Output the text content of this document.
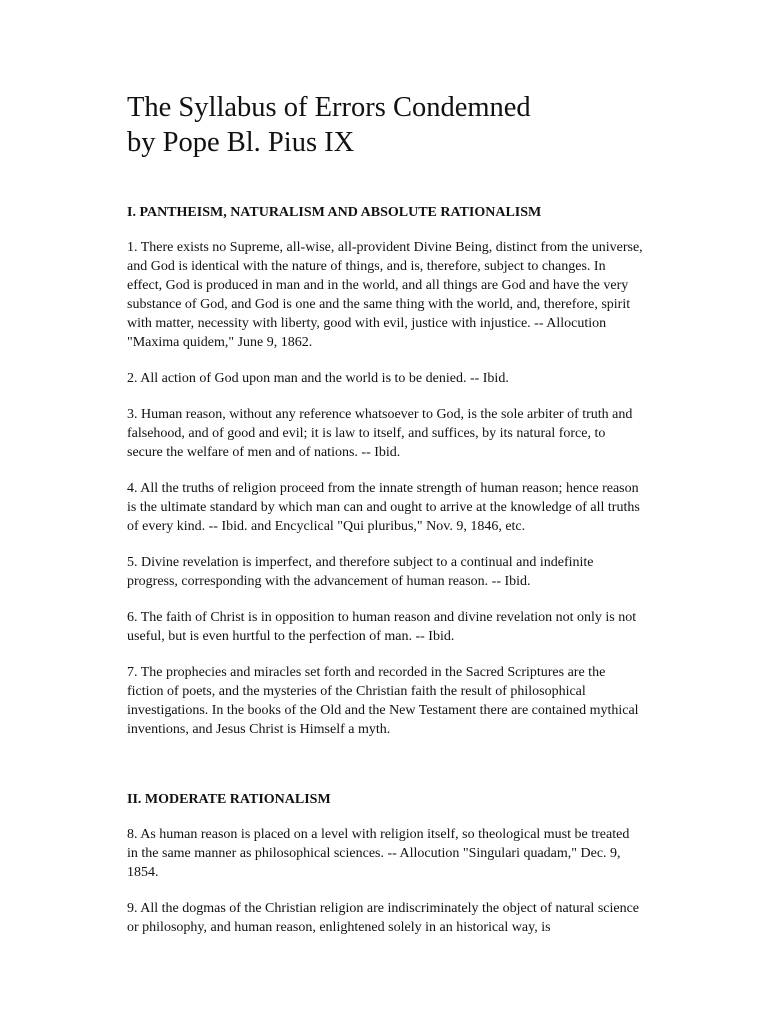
The Syllabus of Errors Condemned
by Pope Bl. Pius IX
I. PANTHEISM, NATURALISM AND ABSOLUTE RATIONALISM

1. There exists no Supreme, all-wise, all-provident Divine Being, distinct from the universe, and God is identical with the nature of things, and is, therefore, subject to changes. In effect, God is produced in man and in the world, and all things are God and have the very substance of God, and God is one and the same thing with the world, and, therefore, spirit with matter, necessity with liberty, good with evil, justice with injustice. -- Allocution "Maxima quidem," June 9, 1862.

2. All action of God upon man and the world is to be denied. -- Ibid.

3. Human reason, without any reference whatsoever to God, is the sole arbiter of truth and falsehood, and of good and evil; it is law to itself, and suffices, by its natural force, to secure the welfare of men and of nations. -- Ibid.

4. All the truths of religion proceed from the innate strength of human reason; hence reason is the ultimate standard by which man can and ought to arrive at the knowledge of all truths of every kind. -- Ibid. and Encyclical "Qui pluribus," Nov. 9, 1846, etc.

5. Divine revelation is imperfect, and therefore subject to a continual and indefinite progress, corresponding with the advancement of human reason. -- Ibid.

6. The faith of Christ is in opposition to human reason and divine revelation not only is not useful, but is even hurtful to the perfection of man. -- Ibid.

7. The prophecies and miracles set forth and recorded in the Sacred Scriptures are the fiction of poets, and the mysteries of the Christian faith the result of philosophical investigations. In the books of the Old and the New Testament there are contained mythical inventions, and Jesus Christ is Himself a myth.

II. MODERATE RATIONALISM

8. As human reason is placed on a level with religion itself, so theological must be treated in the same manner as philosophical sciences. -- Allocution "Singulari quadam," Dec. 9, 1854.

9. All the dogmas of the Christian religion are indiscriminately the object of natural science or philosophy, and human reason, enlightened solely in an historical way, is
